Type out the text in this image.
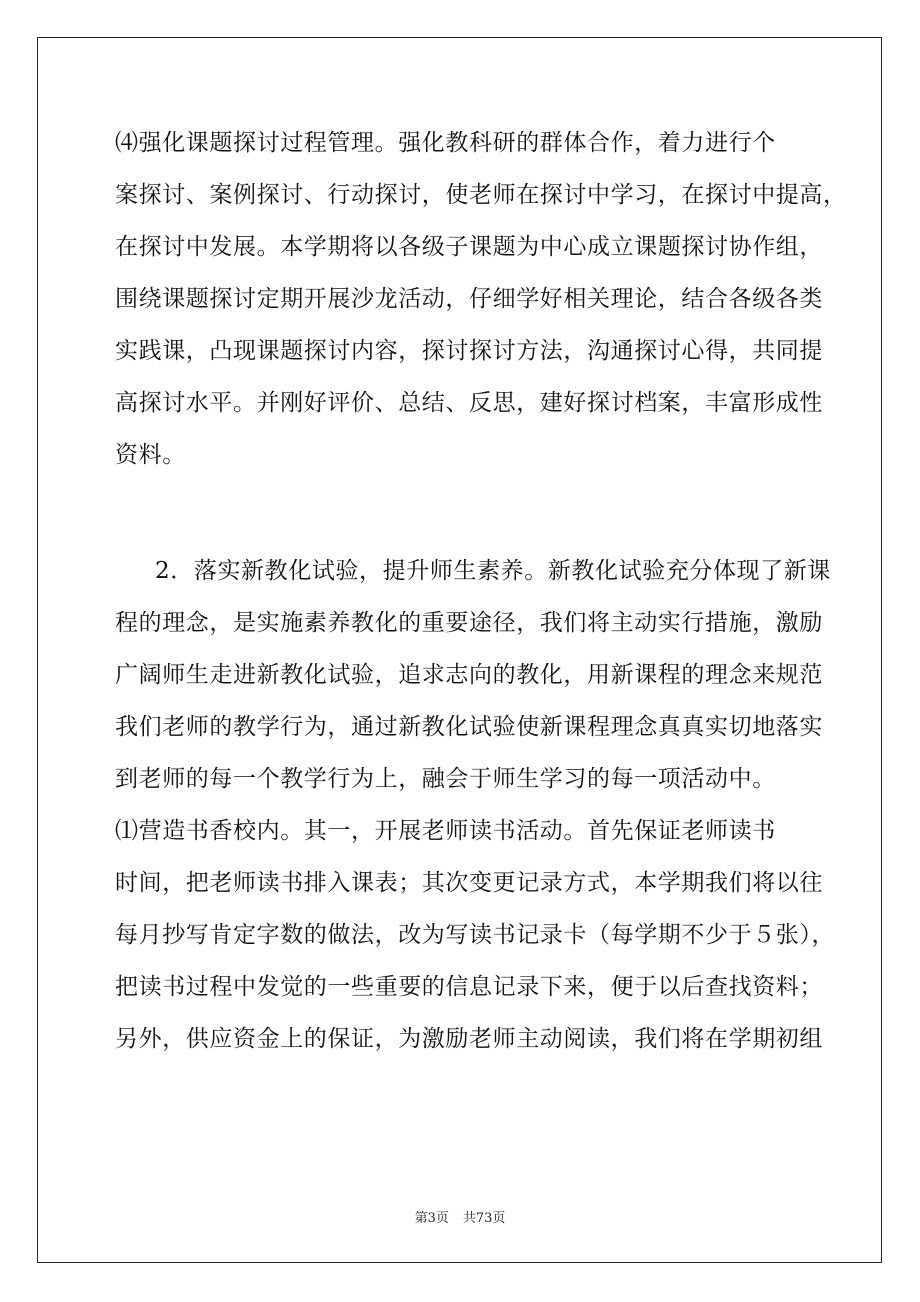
⑷强化课题探讨过程管理。强化教科研的群体合作，着力进行个
案探讨、案例探讨、行动探讨，使老师在探讨中学习，在探讨中提高，
在探讨中发展。本学期将以各级子课题为中心成立课题探讨协作组，
围绕课题探讨定期开展沙龙活动，仔细学好相关理论，结合各级各类
实践课，凸现课题探讨内容，探讨探讨方法，沟通探讨心得，共同提
高探讨水平。并刚好评价、总结、反思，建好探讨档案，丰富形成性
资料。
2．落实新教化试验，提升师生素养。新教化试验充分体现了新课
程的理念，是实施素养教化的重要途径，我们将主动实行措施，激励
广阔师生走进新教化试验，追求志向的教化，用新课程的理念来规范
我们老师的教学行为，通过新教化试验使新课程理念真真实切地落实
到老师的每一个教学行为上，融会于师生学习的每一项活动中。
⑴营造书香校内。其一，开展老师读书活动。首先保证老师读书
时间，把老师读书排入课表；其次变更记录方式，本学期我们将以往
每月抄写肯定字数的做法，改为写读书记录卡（每学期不少于５张），
把读书过程中发觉的一些重要的信息记录下来，便于以后查找资料；
另外，供应资金上的保证，为激励老师主动阅读，我们将在学期初组
第3页 共73页
